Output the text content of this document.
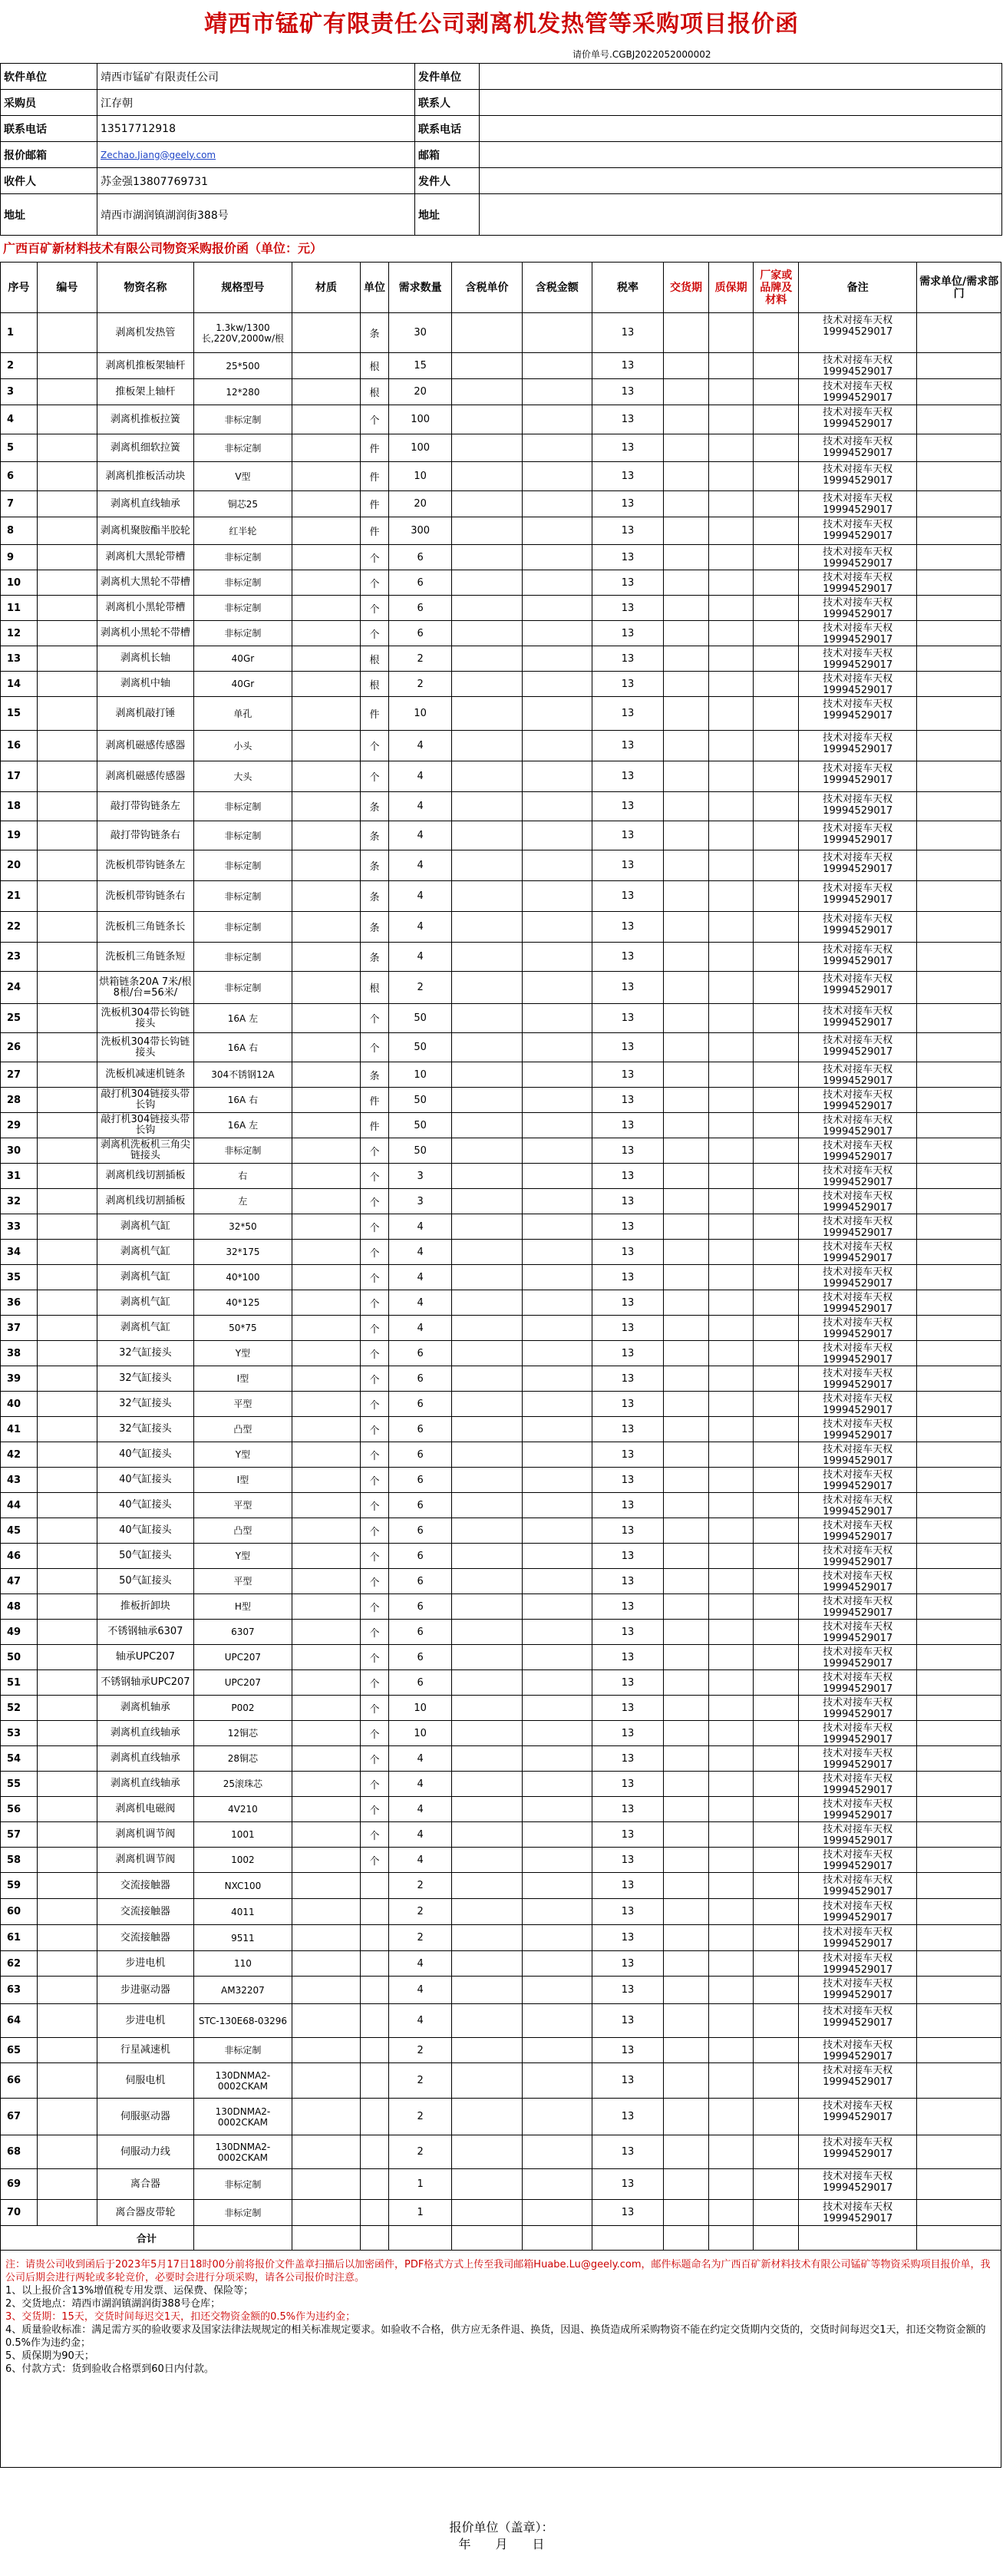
靖西市锰矿有限责任公司剥离机发热管等采购项目报价函
请价单号.CGBJ2022052000002
软件单位	靖西市锰矿有限责任公司	发件单位	
采购员	江存朝	联系人	
联系电话	13517712918	联系电话	
报价邮箱	Zechao.Jiang@geely.com	邮箱	
收件人	苏金强13807769731	发件人	
地址	靖西市湖润镇湖润街388号	地址	
广西百矿新材料技术有限公司物资采购报价函（单位：元）
序号	编号	物资名称	规格型号	材质	单位	需求数量	含税单价	含税金额	税率	交货期	质保期	厂家或品牌及材料	备注	需求单位/需求部门
1		剥离机发热管	1.3kw/1300长,220V,2000w/根		条	30			13				技术对接车天权19994529017	
2		剥离机推板架轴杆	25*500		根	15			13				技术对接车天权19994529017	
3		推板架上轴杆	12*280		根	20			13				技术对接车天权19994529017	
4		剥离机推板拉簧	非标定制		个	100			13				技术对接车天权19994529017	
5		剥离机细软拉簧	非标定制		件	100			13				技术对接车天权19994529017	
6		剥离机推板活动块	V型		件	10			13				技术对接车天权19994529017	
7		剥离机直线轴承	铜芯25		件	20			13				技术对接车天权19994529017	
8		剥离机聚胺酯半胶轮	红半轮		件	300			13				技术对接车天权19994529017	
9		剥离机大黑轮带槽	非标定制		个	6			13				技术对接车天权19994529017	
10		剥离机大黑轮不带槽	非标定制		个	6			13				技术对接车天权19994529017	
11		剥离机小黑轮带槽	非标定制		个	6			13				技术对接车天权19994529017	
12		剥离机小黑轮不带槽	非标定制		个	6			13				技术对接车天权19994529017	
13		剥离机长轴	40Gr		根	2			13				技术对接车天权19994529017	
14		剥离机中轴	40Gr		根	2			13				技术对接车天权19994529017	
15		剥离机敲打锤	单孔		件	10			13				技术对接车天权19994529017	
16		剥离机磁感传感器	小头		个	4			13				技术对接车天权19994529017	
17		剥离机磁感传感器	大头		个	4			13				技术对接车天权19994529017	
18		敲打带钩链条左	非标定制		条	4			13				技术对接车天权19994529017	
19		敲打带钩链条右	非标定制		条	4			13				技术对接车天权19994529017	
20		洗板机带钩链条左	非标定制		条	4			13				技术对接车天权19994529017	
21		洗板机带钩链条右	非标定制		条	4			13				技术对接车天权19994529017	
22		洗板机三角链条长	非标定制		条	4			13				技术对接车天权19994529017	
23		洗板机三角链条短	非标定制		条	4			13				技术对接车天权19994529017	
24		烘箱链条20A 7米/根 8根/台=56米/	非标定制		根	2			13				技术对接车天权19994529017	
25		洗板机304带长钩链接头	16A 左		个	50			13				技术对接车天权19994529017	
26		洗板机304带长钩链接头	16A 右		个	50			13				技术对接车天权19994529017	
27		洗板机减速机链条	304不锈钢12A		条	10			13				技术对接车天权19994529017	
28		敲打机304链接头带长钩	16A 右		件	50			13				技术对接车天权19994529017	
29		敲打机304链接头带长钩	16A 左		件	50			13				技术对接车天权19994529017	
30		剥离机洗板机三角尖链接头	非标定制		个	50			13				技术对接车天权19994529017	
31		剥离机线切割插板	右		个	3			13				技术对接车天权19994529017	
32		剥离机线切割插板	左		个	3			13				技术对接车天权19994529017	
33		剥离机气缸	32*50		个	4			13				技术对接车天权19994529017	
34		剥离机气缸	32*175		个	4			13				技术对接车天权19994529017	
35		剥离机气缸	40*100		个	4			13				技术对接车天权19994529017	
36		剥离机气缸	40*125		个	4			13				技术对接车天权19994529017	
37		剥离机气缸	50*75		个	4			13				技术对接车天权19994529017	
38		32气缸接头	Y型		个	6			13				技术对接车天权19994529017	
39		32气缸接头	I型		个	6			13				技术对接车天权19994529017	
40		32气缸接头	平型		个	6			13				技术对接车天权19994529017	
41		32气缸接头	凸型		个	6			13				技术对接车天权19994529017	
42		40气缸接头	Y型		个	6			13				技术对接车天权19994529017	
43		40气缸接头	I型		个	6			13				技术对接车天权19994529017	
44		40气缸接头	平型		个	6			13				技术对接车天权19994529017	
45		40气缸接头	凸型		个	6			13				技术对接车天权19994529017	
46		50气缸接头	Y型		个	6			13				技术对接车天权19994529017	
47		50气缸接头	平型		个	6			13				技术对接车天权19994529017	
48		推板折卸块	H型		个	6			13				技术对接车天权19994529017	
49		不锈钢轴承6307	6307		个	6			13				技术对接车天权19994529017	
50		轴承UPC207	UPC207		个	6			13				技术对接车天权19994529017	
51		不锈钢轴承UPC207	UPC207		个	6			13				技术对接车天权19994529017	
52		剥离机轴承	P002		个	10			13				技术对接车天权19994529017	
53		剥离机直线轴承	12铜芯		个	10			13				技术对接车天权19994529017	
54		剥离机直线轴承	28铜芯		个	4			13				技术对接车天权19994529017	
55		剥离机直线轴承	25滚珠芯		个	4			13				技术对接车天权19994529017	
56		剥离机电磁阀	4V210		个	4			13				技术对接车天权19994529017	
57		剥离机调节阀	1001		个	4			13				技术对接车天权19994529017	
58		剥离机调节阀	1002		个	4			13				技术对接车天权19994529017	
59		交流接触器	NXC100			2			13				技术对接车天权19994529017	
60		交流接触器	4011			2			13				技术对接车天权19994529017	
61		交流接触器	9511			2			13				技术对接车天权19994529017	
62		步进电机	110			4			13				技术对接车天权19994529017	
63		步进驱动器	AM32207			4			13				技术对接车天权19994529017	
64		步进电机	STC-130E68-03296			4			13				技术对接车天权19994529017	
65		行星减速机	非标定制			2			13				技术对接车天权19994529017	
66		伺服电机	130DNMA2-0002CKAM			2			13				技术对接车天权19994529017	
67		伺服驱动器	130DNMA2-0002CKAM			2			13				技术对接车天权19994529017	
68		伺服动力线	130DNMA2-0002CKAM			2			13				技术对接车天权19994529017	
69		离合器	非标定制			1			13				技术对接车天权19994529017	
70		离合器皮带轮	非标定制			1			13				技术对接车天权19994529017	
合计														
注：请贵公司收到函后于2023年5月17日18时00分前将报价文件盖章扫描后以加密函件，PDF格式方式上传至我司邮箱Huabe.Lu@geely.com，邮件标题命名为广西百矿新材料技术有限公司锰矿等物资采购项目报价单，我公司后期会进行两轮或多轮竞价，必要时会进行分项采购，请各公司报价时注意。
1、以上报价含13%增值税专用发票、运保费、保险等；
2、交货地点：靖西市湖润镇湖润街388号仓库；
3、交货期：15天，交货时间每迟交1天，扣还交物资金额的0.5%作为违约金；
4、质量验收标准：满足需方买的验收要求及国家法律法规规定的相关标准规定要求。如验收不合格，供方应无条件退、换货，因退、换货造成所采购物资不能在约定交货期内交货的，交货时间每迟交1天，扣还交物资金额的0.5%作为违约金；
5、质保期为90天；
6、付款方式：货到验收合格票到60日内付款。
报价单位（盖章）：
年　　月　　日
